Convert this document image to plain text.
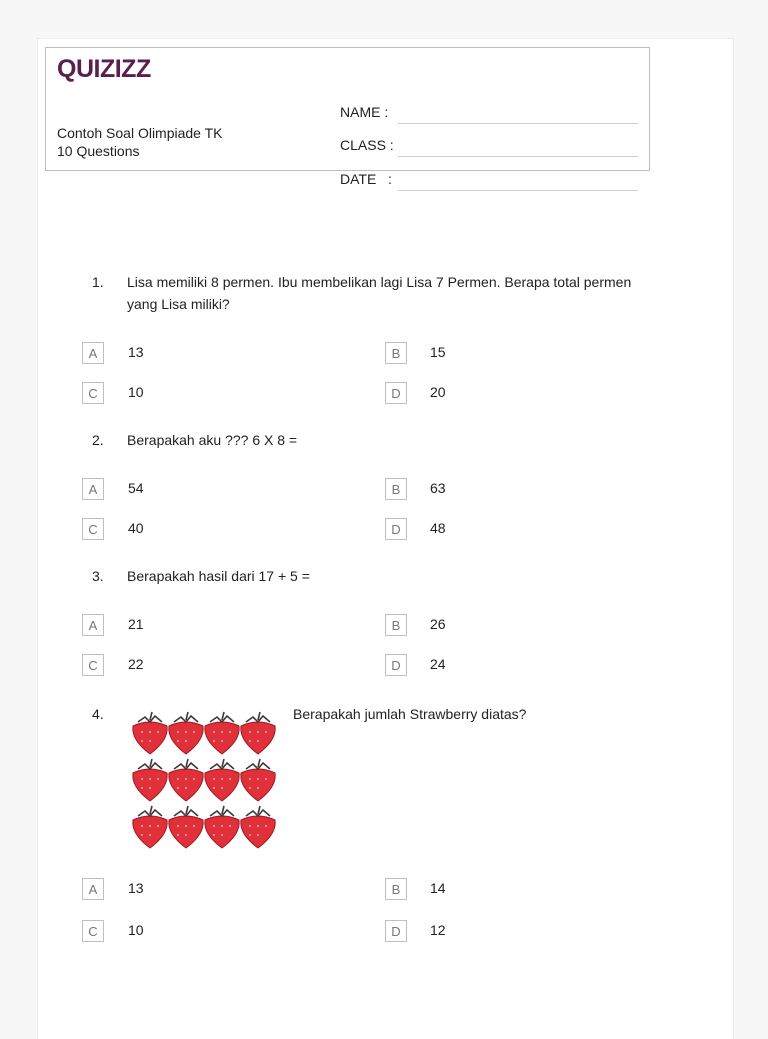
QUIZIZZ
Contoh Soal Olimpiade TK
10 Questions
NAME :
CLASS :
DATE   :
1. Lisa memiliki 8 permen. Ibu membelikan lagi Lisa 7 Permen. Berapa total permen
yang Lisa miliki?
A	13	B	15
C	10	D	20
2. Berapakah aku ??? 6 X 8 =
A	54	B	63
C	40	D	48
3. Berapakah hasil dari 17 + 5 =
A	21	B	26
C	22	D	24
4.	Berapakah jumlah Strawberry diatas?
A	13	B	14
C	10	D	12
